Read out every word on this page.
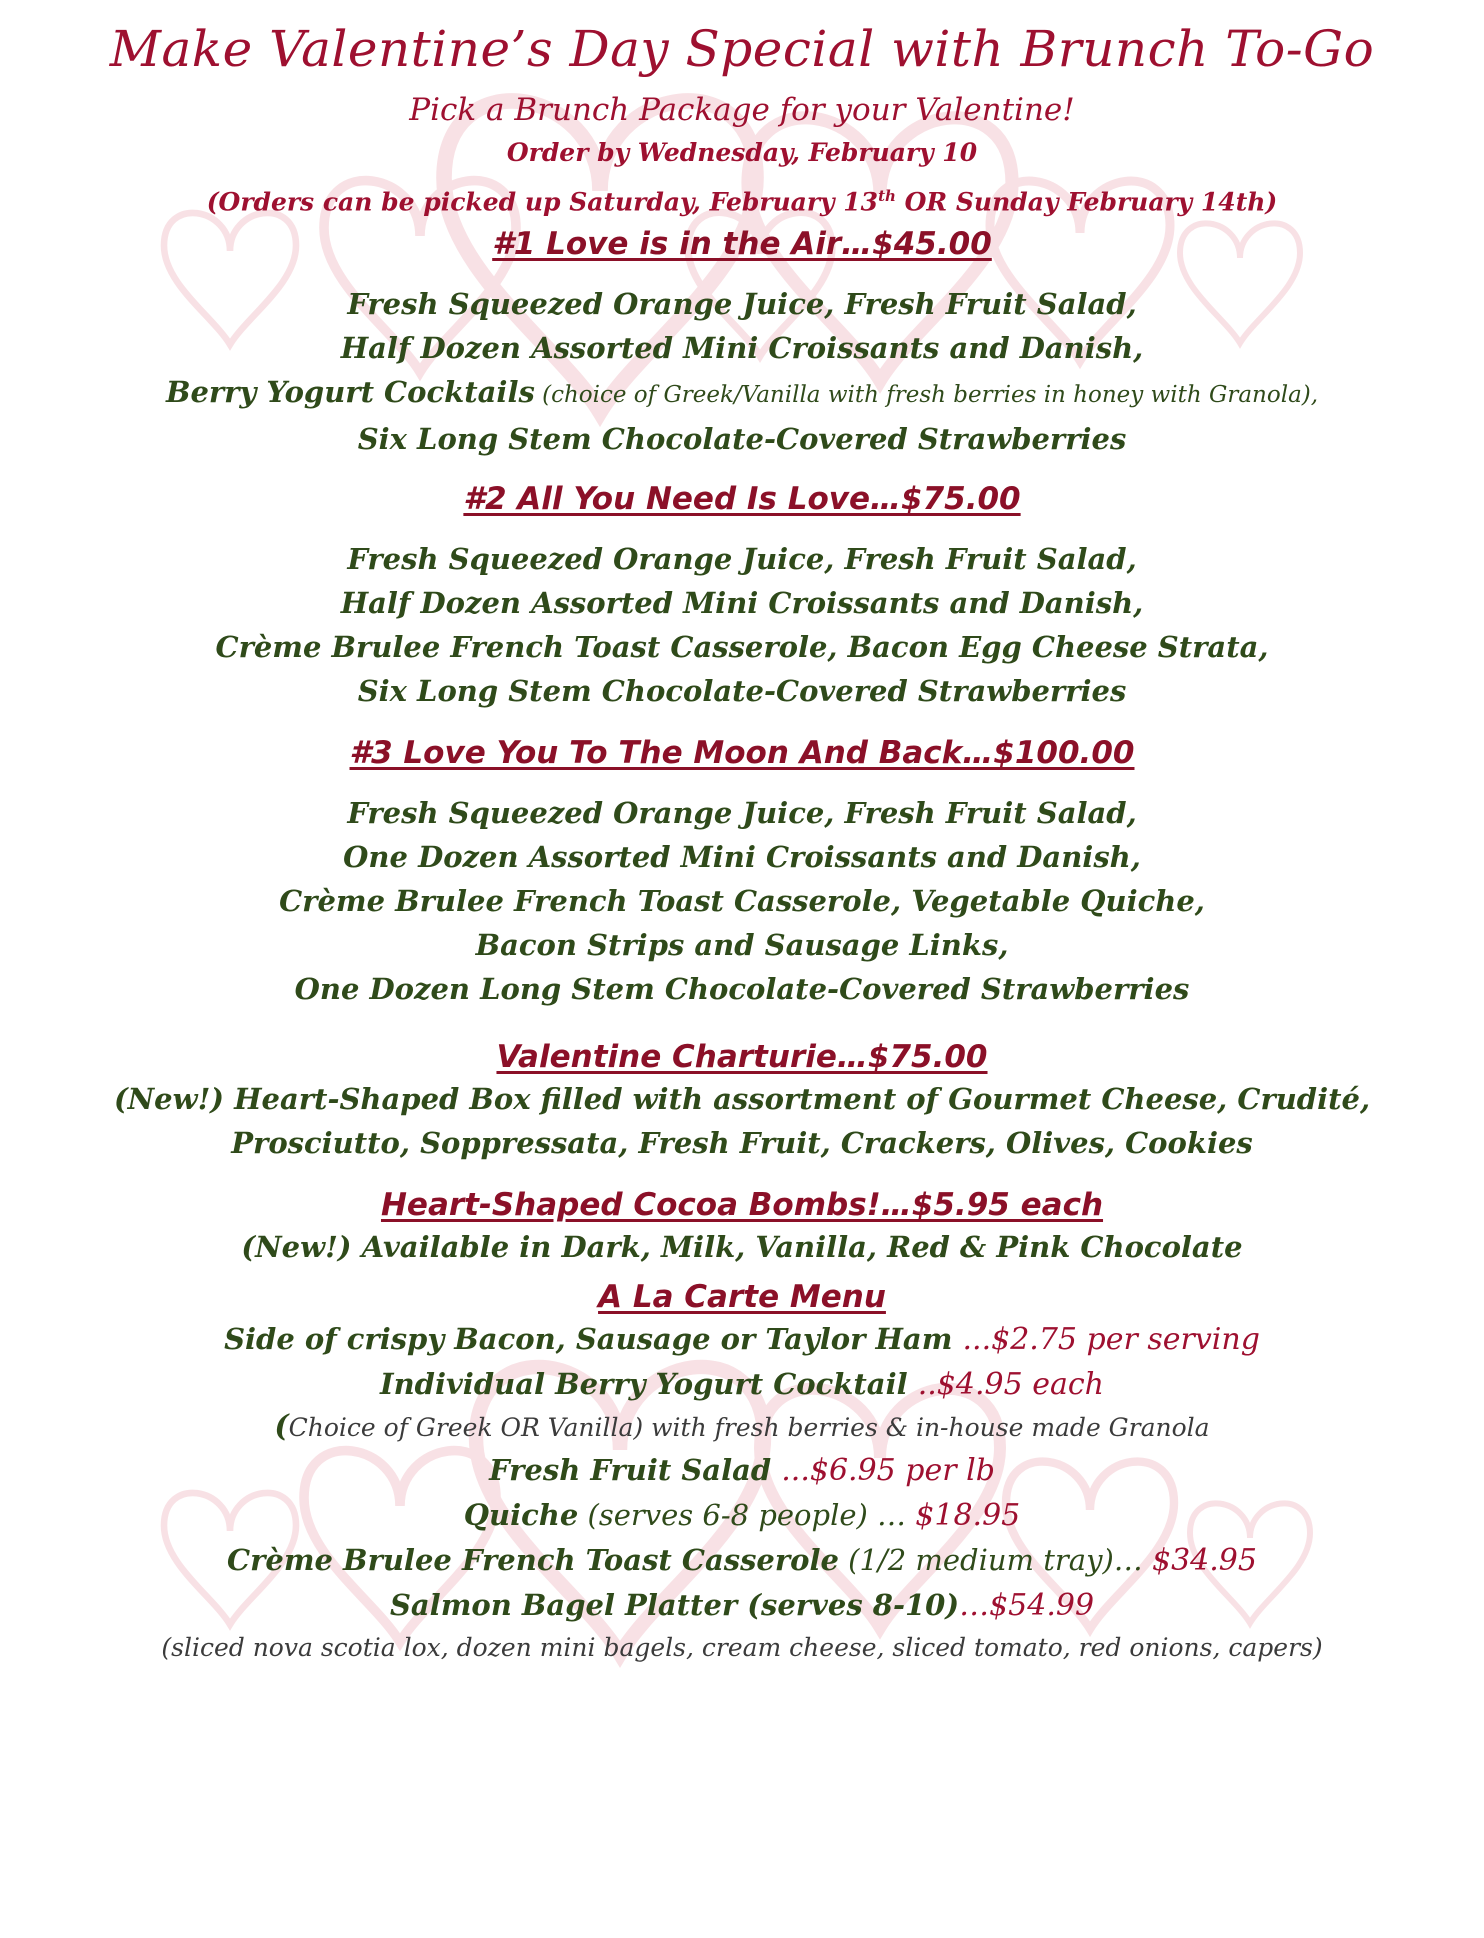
Make Valentine’s Day Special with Brunch To-Go
Pick a Brunch Package for your Valentine!
Order by Wednesday, February 10
(Orders can be picked up Saturday, February 13th OR Sunday February 14th)
#1 Love is in the Air…$45.00
Fresh Squeezed Orange Juice, Fresh Fruit Salad,
Half Dozen Assorted Mini Croissants and Danish,
Berry Yogurt Cocktails (choice of Greek/Vanilla with fresh berries in honey with Granola),
Six Long Stem Chocolate-Covered Strawberries
#2 All You Need Is Love…$75.00
Fresh Squeezed Orange Juice, Fresh Fruit Salad,
Half Dozen Assorted Mini Croissants and Danish,
Crème Brulee French Toast Casserole, Bacon Egg Cheese Strata,
Six Long Stem Chocolate-Covered Strawberries
#3 Love You To The Moon And Back…$100.00
Fresh Squeezed Orange Juice, Fresh Fruit Salad,
One Dozen Assorted Mini Croissants and Danish,
Crème Brulee French Toast Casserole, Vegetable Quiche,
Bacon Strips and Sausage Links,
One Dozen Long Stem Chocolate-Covered Strawberries
Valentine Charturie…$75.00
(New!) Heart-Shaped Box filled with assortment of Gourmet Cheese, Crudité,
Prosciutto, Soppressata, Fresh Fruit, Crackers, Olives, Cookies
Heart-Shaped Cocoa Bombs!…$5.95 each
(New!) Available in Dark, Milk, Vanilla, Red & Pink Chocolate
A La Carte Menu
Side of crispy Bacon, Sausage or Taylor Ham ...$2.75 per serving
Individual Berry Yogurt Cocktail ..$4.95 each
(Choice of Greek OR Vanilla) with fresh berries & in-house made Granola
Fresh Fruit Salad ...$6.95 per lb
Quiche (serves 6-8 people) … $18.95
Crème Brulee French Toast Casserole (1/2 medium tray)… $34.95
Salmon Bagel Platter (serves 8-10)…$54.99
(sliced nova scotia lox, dozen mini bagels, cream cheese, sliced tomato, red onions, capers)
